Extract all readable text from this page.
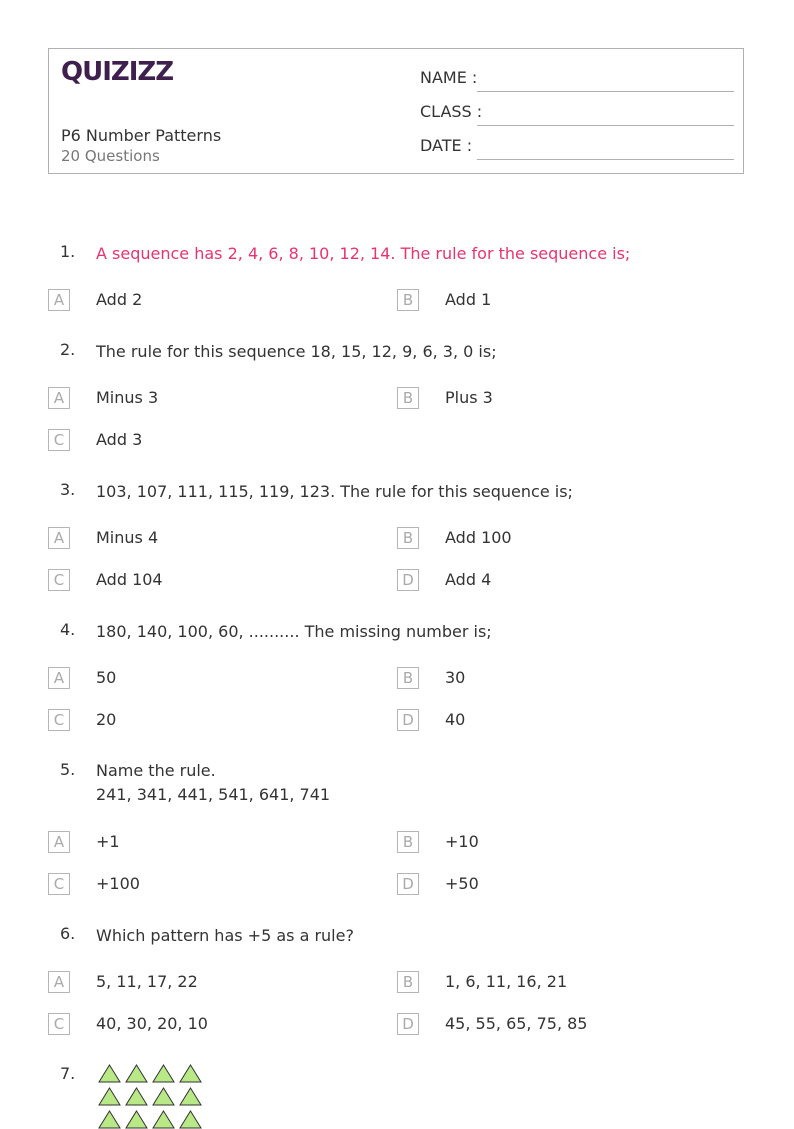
QUIZIZZ
P6 Number Patterns
20 Questions
NAME :
CLASS :
DATE :
1. A sequence has 2, 4, 6, 8, 10, 12, 14. The rule for the sequence is;
A	Add 2	B	Add 1
2. The rule for this sequence 18, 15, 12, 9, 6, 3, 0 is;
A	Minus 3	B	Plus 3
C	Add 3
3. 103, 107, 111, 115, 119, 123. The rule for this sequence is;
A	Minus 4	B	Add 100
C	Add 104	D	Add 4
4. 180, 140, 100, 60, .......... The missing number is;
A	50	B	30
C	20	D	40
5. Name the rule.
241, 341, 441, 541, 641, 741
A	+1	B	+10
C	+100	D	+50
6. Which pattern has +5 as a rule?
A	5, 11, 17, 22	B	1, 6, 11, 16, 21
C	40, 30, 20, 10	D	45, 55, 65, 75, 85
7.
